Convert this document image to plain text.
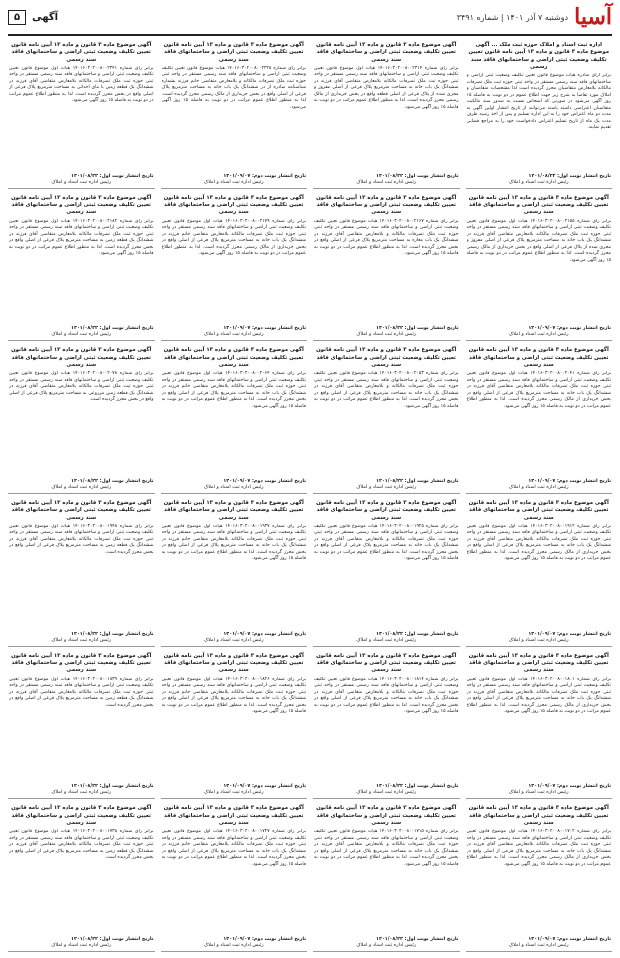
آسیا
دوشنبه ۷ آذر ۱۴۰۱ | شماره ۳۴۹۱
آگهی
۵
اداره ثبت اسناد و املاک حوزه ثبت ملک ... آگهی موضوع ماده ۳ قانون و ماده ۱۳ آیین نامه قانون تعیین تکلیف وضعیت ثبتی اراضی و ساختمانهای فاقد سند رسمی
برابر آرای صادره هیات موضوع قانون تعیین تکلیف وضعیت ثبتی اراضی و ساختمانهای فاقد سند رسمی مستقر در واحد ثبتی حوزه ثبت ملک تصرفات مالکانه بلامعارض متقاضیان محرز گردیده است لذا مشخصات متقاضیان و املاک مورد تقاضا به شرح زیر جهت اطلاع عموم در دو نوبت به فاصله ۱۵ روز آگهی می‌شود در صورتی که اشخاص نسبت به صدور سند مالکیت متقاضیان اعتراضی داشته باشند می‌توانند از تاریخ انتشار اولین آگهی به مدت دو ماه اعتراض خود را به این اداره تسلیم و پس از اخذ رسید ظرف مدت یک ماه از تاریخ تسلیم اعتراض دادخواست خود را به مراجع قضایی تقدیم نمایند.
تاریخ انتشار نوبت اول: ۱۴۰۱/۰۸/۲۲
رئیس اداره ثبت اسناد و املاک
آگهی موضوع ماده ۳ قانون و ماده ۱۳ آیین نامه قانون تعیین تکلیف وضعیت ثبتی اراضی و ساختمانهای فاقد سند رسمی
برابر رای شماره ۱۴۰۱۶۰۳۰۲۰۰۸۰۰۲۳۱۴ هیات اول موضوع قانون تعیین تکلیف وضعیت ثبتی اراضی و ساختمانهای فاقد سند رسمی مستقر در واحد ثبتی حوزه ثبت ملک تصرفات مالکانه بلامعارض متقاضی آقای فرزند در ششدانگ یک باب خانه به مساحت مترمربع پلاک فرعی از اصلی مفروز و مجزی شده از پلاک فرعی از اصلی قطعه واقع در بخش خریداری از مالک رسمی محرز گردیده است. لذا به منظور اطلاع عموم مراتب در دو نوبت به فاصله ۱۵ روز آگهی می‌شود.
تاریخ انتشار نوبت اول: ۱۴۰۱/۰۸/۲۲
رئیس اداره ثبت اسناد و املاک
آگهی موضوع ماده ۳ قانون و ماده ۱۳ آیین نامه قانون تعیین تکلیف وضعیت ثبتی اراضی و ساختمانهای فاقد سند رسمی
برابر رای شماره ۱۴۰۱۶۰۳۰۲۰۰۸۰۰۲۳۲۸ هیات موضوع قانون تعیین تکلیف وضعیت ثبتی اراضی و ساختمانهای فاقد سند رسمی مستقر در واحد ثبتی حوزه ثبت ملک تصرفات مالکانه و بلامعارض متقاضی خانم فرزند بشماره شناسنامه صادره از در ششدانگ یک باب خانه به مساحت مترمربع پلاک فرعی از اصلی واقع در بخش خریداری از مالک رسمی محرز گردیده است. لذا به منظور اطلاع عموم مراتب در دو نوبت به فاصله ۱۵ روز آگهی می‌شود.
تاریخ انتشار نوبت دوم: ۱۴۰۱/۰۹/۰۷
رئیس اداره ثبت اسناد و املاک
آگهی موضوع ماده ۳ قانون و ماده ۱۳ آیین نامه قانون تعیین تکلیف وضعیت ثبتی اراضی و ساختمانهای فاقد سند رسمی
برابر رای شماره ۱۴۰۱۶۰۳۰۲۰۰۸۰۰۲۳۴۱ هیات اول موضوع قانون تعیین تکلیف وضعیت ثبتی اراضی و ساختمانهای فاقد سند رسمی مستقر در واحد ثبتی حوزه ثبت ملک تصرفات مالکانه بلامعارض متقاضی آقای فرزند در ششدانگ یک قطعه زمین با بنای احداثی به مساحت مترمربع پلاک فرعی از اصلی واقع در بخش محرز گردیده است. لذا به منظور اطلاع عموم مراتب در دو نوبت به فاصله ۱۵ روز آگهی می‌شود.
تاریخ انتشار نوبت اول: ۱۴۰۱/۰۸/۲۲
رئیس اداره ثبت اسناد و املاک
آگهی موضوع ماده ۳ قانون و ماده ۱۳ آیین نامه قانون تعیین تکلیف وضعیت ثبتی اراضی و ساختمانهای فاقد سند رسمی
برابر رای شماره ۱۴۰۱۶۰۳۰۲۰۰۸۰۰۲۱۵۵ هیات اول موضوع قانون تعیین تکلیف وضعیت ثبتی اراضی و ساختمانهای فاقد سند رسمی مستقر در واحد ثبتی حوزه ثبت ملک تصرفات مالکانه بلامعارض متقاضی آقای فرزند در ششدانگ یک باب خانه به مساحت مترمربع پلاک فرعی از اصلی مفروز و مجزی شده از پلاک فرعی از اصلی واقع در بخش خریداری از مالک رسمی محرز گردیده است. لذا به منظور اطلاع عموم مراتب در دو نوبت به فاصله ۱۵ روز آگهی می‌شود.
تاریخ انتشار نوبت دوم: ۱۴۰۱/۰۹/۰۷
رئیس اداره ثبت اسناد و املاک
آگهی موضوع ماده ۳ قانون و ماده ۱۳ آیین نامه قانون تعیین تکلیف وضعیت ثبتی اراضی و ساختمانهای فاقد سند رسمی
برابر رای شماره ۱۴۰۱۶۰۳۰۲۰۰۸۰۰۲۱۶۷ هیات موضوع قانون تعیین تکلیف وضعیت ثبتی اراضی و ساختمانهای فاقد سند رسمی مستقر در واحد ثبتی حوزه ثبت ملک تصرفات مالکانه و بلامعارض متقاضی آقای فرزند در ششدانگ یک باب مغازه به مساحت مترمربع پلاک فرعی از اصلی واقع در بخش محرز گردیده است. لذا به منظور اطلاع عموم مراتب در دو نوبت به فاصله ۱۵ روز آگهی می‌شود.
تاریخ انتشار نوبت اول: ۱۴۰۱/۰۸/۲۲
رئیس اداره ثبت اسناد و املاک
آگهی موضوع ماده ۳ قانون و ماده ۱۳ آیین نامه قانون تعیین تکلیف وضعیت ثبتی اراضی و ساختمانهای فاقد سند رسمی
برابر رای شماره ۱۴۰۱۶۰۳۰۲۰۰۸۰۰۲۱۷۹ هیات اول موضوع قانون تعیین تکلیف وضعیت ثبتی اراضی و ساختمانهای فاقد سند رسمی مستقر در واحد ثبتی حوزه ثبت ملک تصرفات مالکانه بلامعارض متقاضی خانم فرزند در ششدانگ یک باب خانه به مساحت مترمربع پلاک فرعی از اصلی واقع در بخش خریداری از مالک رسمی محرز گردیده است. لذا به منظور اطلاع عموم مراتب در دو نوبت به فاصله ۱۵ روز آگهی می‌شود.
تاریخ انتشار نوبت دوم: ۱۴۰۱/۰۹/۰۷
رئیس اداره ثبت اسناد و املاک
آگهی موضوع ماده ۳ قانون و ماده ۱۳ آیین نامه قانون تعیین تکلیف وضعیت ثبتی اراضی و ساختمانهای فاقد سند رسمی
برابر رای شماره ۱۴۰۱۶۰۳۰۲۰۰۸۰۰۲۱۸۲ هیات اول موضوع قانون تعیین تکلیف وضعیت ثبتی اراضی و ساختمانهای فاقد سند رسمی مستقر در واحد ثبتی حوزه ثبت ملک تصرفات مالکانه بلامعارض متقاضی آقای فرزند در ششدانگ یک قطعه زمین به مساحت مترمربع پلاک فرعی از اصلی واقع در بخش محرز گردیده است. لذا به منظور اطلاع عموم مراتب در دو نوبت به فاصله ۱۵ روز آگهی می‌شود.
تاریخ انتشار نوبت اول: ۱۴۰۱/۰۸/۲۲
رئیس اداره ثبت اسناد و املاک
آگهی موضوع ماده ۳ قانون و ماده ۱۳ آیین نامه قانون تعیین تکلیف وضعیت ثبتی اراضی و ساختمانهای فاقد سند رسمی
برابر رای شماره ۱۴۰۱۶۰۳۰۲۰۰۸۰۰۲۰۴۱ هیات اول موضوع قانون تعیین تکلیف وضعیت ثبتی اراضی و ساختمانهای فاقد سند رسمی مستقر در واحد ثبتی حوزه ثبت ملک تصرفات مالکانه بلامعارض متقاضی آقای فرزند در ششدانگ یک باب خانه به مساحت مترمربع پلاک فرعی از اصلی واقع در بخش خریداری از مالک رسمی محرز گردیده است. لذا به منظور اطلاع عموم مراتب در دو نوبت به فاصله ۱۵ روز آگهی می‌شود.
تاریخ انتشار نوبت دوم: ۱۴۰۱/۰۹/۰۷
رئیس اداره ثبت اسناد و املاک
آگهی موضوع ماده ۳ قانون و ماده ۱۳ آیین نامه قانون تعیین تکلیف وضعیت ثبتی اراضی و ساختمانهای فاقد سند رسمی
برابر رای شماره ۱۴۰۱۶۰۳۰۲۰۰۸۰۰۲۰۵۳ هیات موضوع قانون تعیین تکلیف وضعیت ثبتی اراضی و ساختمانهای فاقد سند رسمی مستقر در واحد ثبتی حوزه ثبت ملک تصرفات مالکانه و بلامعارض متقاضی آقای فرزند در ششدانگ یک باب خانه به مساحت مترمربع پلاک فرعی از اصلی واقع در بخش محرز گردیده است. لذا به منظور اطلاع عموم مراتب در دو نوبت به فاصله ۱۵ روز آگهی می‌شود.
تاریخ انتشار نوبت اول: ۱۴۰۱/۰۸/۲۲
رئیس اداره ثبت اسناد و املاک
آگهی موضوع ماده ۳ قانون و ماده ۱۳ آیین نامه قانون تعیین تکلیف وضعیت ثبتی اراضی و ساختمانهای فاقد سند رسمی
برابر رای شماره ۱۴۰۱۶۰۳۰۲۰۰۸۰۰۲۰۶۴ هیات اول موضوع قانون تعیین تکلیف وضعیت ثبتی اراضی و ساختمانهای فاقد سند رسمی مستقر در واحد ثبتی حوزه ثبت ملک تصرفات مالکانه بلامعارض متقاضی خانم فرزند در ششدانگ یک باب خانه به مساحت مترمربع پلاک فرعی از اصلی واقع در بخش محرز گردیده است. لذا به منظور اطلاع عموم مراتب در دو نوبت به فاصله ۱۵ روز آگهی می‌شود.
تاریخ انتشار نوبت دوم: ۱۴۰۱/۰۹/۰۷
رئیس اداره ثبت اسناد و املاک
آگهی موضوع ماده ۳ قانون و ماده ۱۳ آیین نامه قانون تعیین تکلیف وضعیت ثبتی اراضی و ساختمانهای فاقد سند رسمی
برابر رای شماره ۱۴۰۱۶۰۳۰۲۰۰۸۰۰۲۰۷۸ هیات اول موضوع قانون تعیین تکلیف وضعیت ثبتی اراضی و ساختمانهای فاقد سند رسمی مستقر در واحد ثبتی حوزه ثبت ملک تصرفات مالکانه بلامعارض متقاضی آقای فرزند در ششدانگ یک قطعه زمین مزروعی به مساحت مترمربع پلاک فرعی از اصلی واقع در بخش محرز گردیده است.
تاریخ انتشار نوبت اول: ۱۴۰۱/۰۸/۲۲
رئیس اداره ثبت اسناد و املاک
آگهی موضوع ماده ۳ قانون و ماده ۱۳ آیین نامه قانون تعیین تکلیف وضعیت ثبتی اراضی و ساختمانهای فاقد سند رسمی
برابر رای شماره ۱۴۰۱۶۰۳۰۲۰۰۸۰۰۱۹۱۲ هیات اول موضوع قانون تعیین تکلیف وضعیت ثبتی اراضی و ساختمانهای فاقد سند رسمی مستقر در واحد ثبتی حوزه ثبت ملک تصرفات مالکانه بلامعارض متقاضی آقای فرزند در ششدانگ یک باب خانه به مساحت مترمربع پلاک فرعی از اصلی واقع در بخش خریداری از مالک رسمی محرز گردیده است. لذا به منظور اطلاع عموم مراتب در دو نوبت به فاصله ۱۵ روز آگهی می‌شود.
تاریخ انتشار نوبت دوم: ۱۴۰۱/۰۹/۰۷
رئیس اداره ثبت اسناد و املاک
آگهی موضوع ماده ۳ قانون و ماده ۱۳ آیین نامه قانون تعیین تکلیف وضعیت ثبتی اراضی و ساختمانهای فاقد سند رسمی
برابر رای شماره ۱۴۰۱۶۰۳۰۲۰۰۸۰۰۱۹۲۵ هیات موضوع قانون تعیین تکلیف وضعیت ثبتی اراضی و ساختمانهای فاقد سند رسمی مستقر در واحد ثبتی حوزه ثبت ملک تصرفات مالکانه و بلامعارض متقاضی آقای فرزند در ششدانگ یک باب خانه به مساحت مترمربع پلاک فرعی از اصلی واقع در بخش محرز گردیده است. لذا به منظور اطلاع عموم مراتب در دو نوبت به فاصله ۱۵ روز آگهی می‌شود.
تاریخ انتشار نوبت اول: ۱۴۰۱/۰۸/۲۲
رئیس اداره ثبت اسناد و املاک
آگهی موضوع ماده ۳ قانون و ماده ۱۳ آیین نامه قانون تعیین تکلیف وضعیت ثبتی اراضی و ساختمانهای فاقد سند رسمی
برابر رای شماره ۱۴۰۱۶۰۳۰۲۰۰۸۰۰۱۹۳۷ هیات اول موضوع قانون تعیین تکلیف وضعیت ثبتی اراضی و ساختمانهای فاقد سند رسمی مستقر در واحد ثبتی حوزه ثبت ملک تصرفات مالکانه بلامعارض متقاضی خانم فرزند در ششدانگ یک باب خانه به مساحت مترمربع پلاک فرعی از اصلی واقع در بخش محرز گردیده است. لذا به منظور اطلاع عموم مراتب در دو نوبت به فاصله ۱۵ روز آگهی می‌شود.
تاریخ انتشار نوبت دوم: ۱۴۰۱/۰۹/۰۷
رئیس اداره ثبت اسناد و املاک
آگهی موضوع ماده ۳ قانون و ماده ۱۳ آیین نامه قانون تعیین تکلیف وضعیت ثبتی اراضی و ساختمانهای فاقد سند رسمی
برابر رای شماره ۱۴۰۱۶۰۳۰۲۰۰۸۰۰۱۹۴۸ هیات اول موضوع قانون تعیین تکلیف وضعیت ثبتی اراضی و ساختمانهای فاقد سند رسمی مستقر در واحد ثبتی حوزه ثبت ملک تصرفات مالکانه بلامعارض متقاضی آقای فرزند در ششدانگ یک قطعه زمین به مساحت مترمربع پلاک فرعی از اصلی واقع در بخش محرز گردیده است.
تاریخ انتشار نوبت اول: ۱۴۰۱/۰۸/۲۲
رئیس اداره ثبت اسناد و املاک
آگهی موضوع ماده ۳ قانون و ماده ۱۳ آیین نامه قانون تعیین تکلیف وضعیت ثبتی اراضی و ساختمانهای فاقد سند رسمی
برابر رای شماره ۱۴۰۱۶۰۳۰۲۰۰۸۰۰۱۸۰۱ هیات اول موضوع قانون تعیین تکلیف وضعیت ثبتی اراضی و ساختمانهای فاقد سند رسمی مستقر در واحد ثبتی حوزه ثبت ملک تصرفات مالکانه بلامعارض متقاضی آقای فرزند در ششدانگ یک باب خانه به مساحت مترمربع پلاک فرعی از اصلی واقع در بخش خریداری از مالک رسمی محرز گردیده است. لذا به منظور اطلاع عموم مراتب در دو نوبت به فاصله ۱۵ روز آگهی می‌شود.
تاریخ انتشار نوبت دوم: ۱۴۰۱/۰۹/۰۷
رئیس اداره ثبت اسناد و املاک
آگهی موضوع ماده ۳ قانون و ماده ۱۳ آیین نامه قانون تعیین تکلیف وضعیت ثبتی اراضی و ساختمانهای فاقد سند رسمی
برابر رای شماره ۱۴۰۱۶۰۳۰۲۰۰۸۰۰۱۸۱۴ هیات موضوع قانون تعیین تکلیف وضعیت ثبتی اراضی و ساختمانهای فاقد سند رسمی مستقر در واحد ثبتی حوزه ثبت ملک تصرفات مالکانه و بلامعارض متقاضی آقای فرزند در ششدانگ یک باب خانه به مساحت مترمربع پلاک فرعی از اصلی واقع در بخش محرز گردیده است. لذا به منظور اطلاع عموم مراتب در دو نوبت به فاصله ۱۵ روز آگهی می‌شود.
تاریخ انتشار نوبت اول: ۱۴۰۱/۰۸/۲۲
رئیس اداره ثبت اسناد و املاک
آگهی موضوع ماده ۳ قانون و ماده ۱۳ آیین نامه قانون تعیین تکلیف وضعیت ثبتی اراضی و ساختمانهای فاقد سند رسمی
برابر رای شماره ۱۴۰۱۶۰۳۰۲۰۰۸۰۰۱۸۲۶ هیات اول موضوع قانون تعیین تکلیف وضعیت ثبتی اراضی و ساختمانهای فاقد سند رسمی مستقر در واحد ثبتی حوزه ثبت ملک تصرفات مالکانه بلامعارض متقاضی خانم فرزند در ششدانگ یک باب خانه به مساحت مترمربع پلاک فرعی از اصلی واقع در بخش محرز گردیده است. لذا به منظور اطلاع عموم مراتب در دو نوبت به فاصله ۱۵ روز آگهی می‌شود.
تاریخ انتشار نوبت دوم: ۱۴۰۱/۰۹/۰۷
رئیس اداره ثبت اسناد و املاک
آگهی موضوع ماده ۳ قانون و ماده ۱۳ آیین نامه قانون تعیین تکلیف وضعیت ثبتی اراضی و ساختمانهای فاقد سند رسمی
برابر رای شماره ۱۴۰۱۶۰۳۰۲۰۰۸۰۰۱۸۳۹ هیات اول موضوع قانون تعیین تکلیف وضعیت ثبتی اراضی و ساختمانهای فاقد سند رسمی مستقر در واحد ثبتی حوزه ثبت ملک تصرفات مالکانه بلامعارض متقاضی آقای فرزند در ششدانگ یک قطعه زمین به مساحت مترمربع پلاک فرعی از اصلی واقع در بخش محرز گردیده است.
تاریخ انتشار نوبت اول: ۱۴۰۱/۰۸/۲۲
رئیس اداره ثبت اسناد و املاک
آگهی موضوع ماده ۳ قانون و ماده ۱۳ آیین نامه قانون تعیین تکلیف وضعیت ثبتی اراضی و ساختمانهای فاقد سند رسمی
برابر رای شماره ۱۴۰۱۶۰۳۰۲۰۰۸۰۰۱۷۰۲ هیات اول موضوع قانون تعیین تکلیف وضعیت ثبتی اراضی و ساختمانهای فاقد سند رسمی مستقر در واحد ثبتی حوزه ثبت ملک تصرفات مالکانه بلامعارض متقاضی آقای فرزند در ششدانگ یک باب خانه به مساحت مترمربع پلاک فرعی از اصلی واقع در بخش خریداری از مالک رسمی محرز گردیده است. لذا به منظور اطلاع عموم مراتب در دو نوبت به فاصله ۱۵ روز آگهی می‌شود.
تاریخ انتشار نوبت دوم: ۱۴۰۱/۰۹/۰۷
رئیس اداره ثبت اسناد و املاک
آگهی موضوع ماده ۳ قانون و ماده ۱۳ آیین نامه قانون تعیین تکلیف وضعیت ثبتی اراضی و ساختمانهای فاقد سند رسمی
برابر رای شماره ۱۴۰۱۶۰۳۰۲۰۰۸۰۰۱۷۱۵ هیات موضوع قانون تعیین تکلیف وضعیت ثبتی اراضی و ساختمانهای فاقد سند رسمی مستقر در واحد ثبتی حوزه ثبت ملک تصرفات مالکانه و بلامعارض متقاضی آقای فرزند در ششدانگ یک باب خانه به مساحت مترمربع پلاک فرعی از اصلی واقع در بخش محرز گردیده است. لذا به منظور اطلاع عموم مراتب در دو نوبت به فاصله ۱۵ روز آگهی می‌شود.
تاریخ انتشار نوبت اول: ۱۴۰۱/۰۸/۲۲
رئیس اداره ثبت اسناد و املاک
آگهی موضوع ماده ۳ قانون و ماده ۱۳ آیین نامه قانون تعیین تکلیف وضعیت ثبتی اراضی و ساختمانهای فاقد سند رسمی
برابر رای شماره ۱۴۰۱۶۰۳۰۲۰۰۸۰۰۱۷۲۷ هیات اول موضوع قانون تعیین تکلیف وضعیت ثبتی اراضی و ساختمانهای فاقد سند رسمی مستقر در واحد ثبتی حوزه ثبت ملک تصرفات مالکانه بلامعارض متقاضی خانم فرزند در ششدانگ یک باب خانه به مساحت مترمربع پلاک فرعی از اصلی واقع در بخش محرز گردیده است. لذا به منظور اطلاع عموم مراتب در دو نوبت به فاصله ۱۵ روز آگهی می‌شود.
تاریخ انتشار نوبت دوم: ۱۴۰۱/۰۹/۰۷
رئیس اداره ثبت اسناد و املاک
آگهی موضوع ماده ۳ قانون و ماده ۱۳ آیین نامه قانون تعیین تکلیف وضعیت ثبتی اراضی و ساختمانهای فاقد سند رسمی
برابر رای شماره ۱۴۰۱۶۰۳۰۲۰۰۸۰۰۱۷۳۸ هیات اول موضوع قانون تعیین تکلیف وضعیت ثبتی اراضی و ساختمانهای فاقد سند رسمی مستقر در واحد ثبتی حوزه ثبت ملک تصرفات مالکانه بلامعارض متقاضی آقای فرزند در ششدانگ یک قطعه زمین به مساحت مترمربع پلاک فرعی از اصلی واقع در بخش محرز گردیده است.
تاریخ انتشار نوبت اول: ۱۴۰۱/۰۸/۲۲
رئیس اداره ثبت اسناد و املاک
